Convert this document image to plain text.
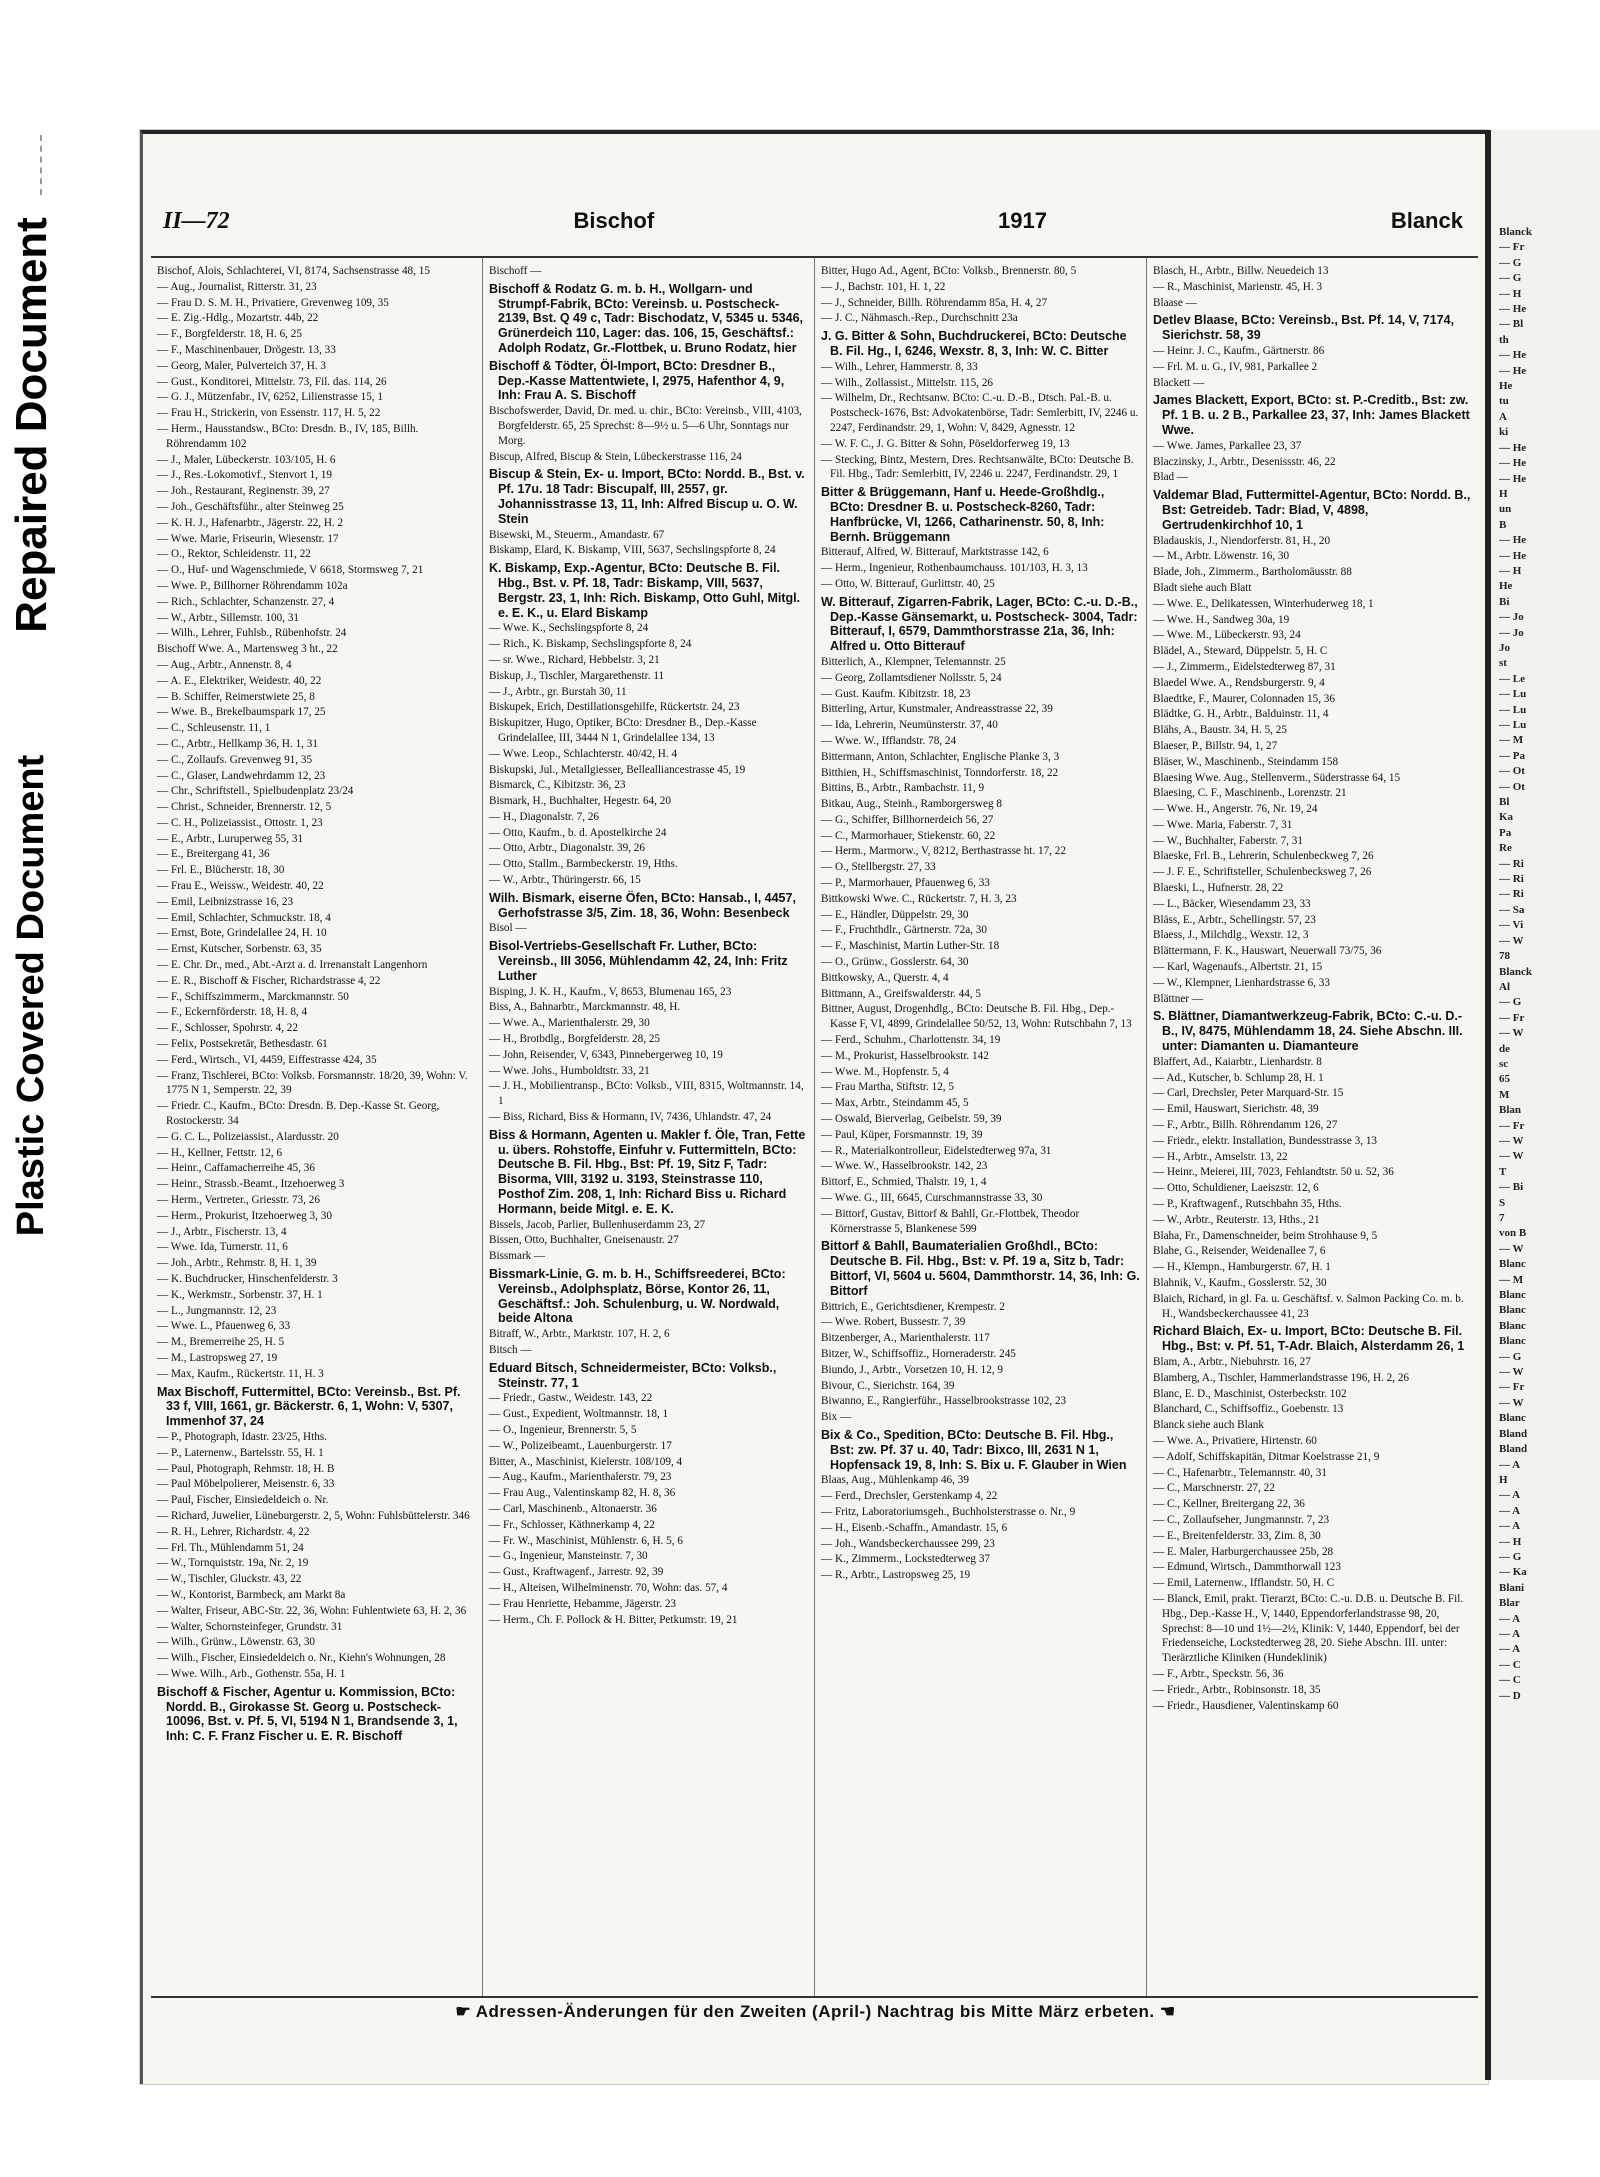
Repaired Document
Plastic Covered Document
II—72	Bischof	1917	Blanck
Bischof, Alois, Schlachterei, VI, 8174, Sachsenstrasse 48, 15
— Aug., Journalist, Ritterstr. 31, 23
— Frau D. S. M. H., Privatiere, Grevenweg 109, 35
— E. Zig.-Hdlg., Mozartstr. 44b, 22
— F., Borgfelderstr. 18, H. 6, 25
— F., Maschinenbauer, Drögestr. 13, 33
— Georg, Maler, Pulverteich 37, H. 3
— Gust., Konditorei, Mittelstr. 73, Fil. das. 114, 26
— G. J., Mützenfabr., IV, 6252, Lilienstrasse 15, 1
— Frau H., Strickerin, von Essenstr. 117, H. 5, 22
— Herm., Hausstandsw., BCto: Dresdn. B., IV, 185, Billh. Röhrendamm 102
— J., Maler, Lübeckerstr. 103/105, H. 6
— J., Res.-Lokomotivf., Stenvort 1, 19
— Joh., Restaurant, Reginenstr. 39, 27
— Joh., Geschäftsführ., alter Steinweg 25
— K. H. J., Hafenarbtr., Jägerstr. 22, H. 2
— Wwe. Marie, Friseurin, Wiesenstr. 17
— O., Rektor, Schleidenstr. 11, 22
— O., Huf- und Wagenschmiede, V 6618, Stormsweg 7, 21
— Wwe. P., Billhorner Röhrendamm 102a
— Rich., Schlachter, Schanzenstr. 27, 4
— W., Arbtr., Sillemstr. 100, 31
— Wilh., Lehrer, Fuhlsb., Rübenhofstr. 24
Bischoff Wwe. A., Martensweg 3 ht., 22
— Aug., Arbtr., Annenstr. 8, 4
— A. E., Elektriker, Weidestr. 40, 22
— B. Schiffer, Reimerstwiete 25, 8
— Wwe. B., Brekelbaumspark 17, 25
— C., Schleusenstr. 11, 1
— C., Arbtr., Hellkamp 36, H. 1, 31
— C., Zollaufs. Grevenweg 91, 35
— C., Glaser, Landwehrdamm 12, 23
— Chr., Schriftstell., Spielbudenplatz 23/24
— Christ., Schneider, Brennerstr. 12, 5
— C. H., Polizeiassist., Ottostr. 1, 23
— E., Arbtr., Luruperweg 55, 31
— E., Breitergang 41, 36
— Frl. E., Blücherstr. 18, 30
— Frau E., Weissw., Weidestr. 40, 22
— Emil, Leibnizstrasse 16, 23
— Emil, Schlachter, Schmuckstr. 18, 4
— Ernst, Bote, Grindelallee 24, H. 10
— Ernst, Kutscher, Sorbenstr. 63, 35
— E. Chr. Dr., med., Abt.-Arzt a. d. Irrenanstalt Langenhorn
— E. R., Bischoff & Fischer, Richardstrasse 4, 22
— F., Schiffszimmerm., Marckmannstr. 50
— F., Eckernförderstr. 18, H. 8, 4
— F., Schlosser, Spohrstr. 4, 22
— Felix, Postsekretär, Bethesdastr. 61
— Ferd., Wirtsch., VI, 4459, Eiffestrasse 424, 35
— Franz, Tischlerei, BCto: Volksb. Forsmannstr. 18/20, 39, Wohn: V. 1775 N 1, Semperstr. 22, 39
— Friedr. C., Kaufm., BCto: Dresdn. B. Dep.-Kasse St. Georg, Rostockerstr. 34
— G. C. L., Polizeiassist., Alardusstr. 20
— H., Kellner, Fettstr. 12, 6
— Heinr., Caffamacherreihe 45, 36
— Heinr., Strassb.-Beamt., Itzehoerweg 3
— Herm., Vertreter., Griesstr. 73, 26
— Herm., Prokurist, Itzehoerweg 3, 30
— J., Arbtr., Fischerstr. 13, 4
— Wwe. Ida, Turnerstr. 11, 6
— Joh., Arbtr., Rehmstr. 8, H. 1, 39
— K. Buchdrucker, Hinschenfelderstr. 3
— K., Werkmstr., Sorbenstr. 37, H. 1
— L., Jungmannstr. 12, 23
— Wwe. L., Pfauenweg 6, 33
— M., Bremerreihe 25, H. 5
— M., Lastropsweg 27, 19
— Max, Kaufm., Rückertstr. 11, H. 3
Max Bischoff, Futtermittel, BCto: Vereinsb., Bst. Pf. 33 f, VIII, 1661, gr. Bäckerstr. 6, 1, Wohn: V, 5307, Immenhof 37, 24
— P., Photograph, Idastr. 23/25, Hths.
— P., Laternenw., Bartelsstr. 55, H. 1
— Paul, Photograph, Rehmstr. 18, H. B
— Paul Möbelpolierer, Meisenstr. 6, 33
— Paul, Fischer, Einsiedeldeich o. Nr.
— Richard, Juwelier, Lüneburgerstr. 2, 5, Wohn: Fuhlsbüttelerstr. 346
— R. H., Lehrer, Richardstr. 4, 22
— Frl. Th., Mühlendamm 51, 24
— W., Tornquiststr. 19a, Nr. 2, 19
— W., Tischler, Gluckstr. 43, 22
— W., Kontorist, Barmbeck, am Markt 8a
— Walter, Friseur, ABC-Str. 22, 36, Wohn: Fuhlentwiete 63, H. 2, 36
— Walter, Schornsteinfeger, Grundstr. 31
— Wilh., Grünw., Löwenstr. 63, 30
— Wilh., Fischer, Einsiedeldeich o. Nr., Kiehn's Wohnungen, 28
— Wwe. Wilh., Arb., Gothenstr. 55a, H. 1
Bischoff & Fischer, Agentur u. Kommission, BCto: Nordd. B., Girokasse St. Georg u. Postscheck- 10096, Bst. v. Pf. 5, VI, 5194 N 1, Brandsende 3, 1, Inh: C. F. Franz Fischer u. E. R. Bischoff
Bischoff —
Bischoff & Rodatz G. m. b. H., Wollgarn- und Strumpf-Fabrik, BCto: Vereinsb. u. Postscheck- 2139, Bst. Q 49 c, Tadr: Bischodatz, V, 5345 u. 5346, Grünerdeich 110, Lager: das. 106, 15, Geschäftsf.: Adolph Rodatz, Gr.-Flottbek, u. Bruno Rodatz, hier
Bischoff & Tödter, Öl-Import, BCto: Dresdner B., Dep.-Kasse Mattentwiete, I, 2975, Hafenthor 4, 9, Inh: Frau A. S. Bischoff
Bischofswerder, David, Dr. med. u. chir., BCto: Vereinsb., VIII, 4103, Borgfelderstr. 65, 25 Sprechst: 8—9½ u. 5—6 Uhr, Sonntags nur Morg.
Biscup, Alfred, Biscup & Stein, Lübeckerstrasse 116, 24
Biscup & Stein, Ex- u. Import, BCto: Nordd. B., Bst. v. Pf. 17u. 18 Tadr: Biscupalf, III, 2557, gr. Johannisstrasse 13, 11, Inh: Alfred Biscup u. O. W. Stein
Bisewski, M., Steuerm., Amandastr. 67
Biskamp, Elard, K. Biskamp, VIII, 5637, Sechslingspforte 8, 24
K. Biskamp, Exp.-Agentur, BCto: Deutsche B. Fil. Hbg., Bst. v. Pf. 18, Tadr: Biskamp, VIII, 5637, Bergstr. 23, 1, Inh: Rich. Biskamp, Otto Guhl, Mitgl. e. E. K., u. Elard Biskamp
— Wwe. K., Sechslingspforte 8, 24
— Rich., K. Biskamp, Sechslingspforte 8, 24
— sr. Wwe., Richard, Hebbelstr. 3, 21
Biskup, J., Tischler, Margarethenstr. 11
— J., Arbtr., gr. Burstah 30, 11
Biskupek, Erich, Destillationsgehilfe, Rückertstr. 24, 23
Biskupitzer, Hugo, Optiker, BCto: Dresdner B., Dep.-Kasse Grindelallee, III, 3444 N 1, Grindelallee 134, 13
— Wwe. Leop., Schlachterstr. 40/42, H. 4
Biskupski, Jul., Metallgiesser, Bellealliancestrasse 45, 19
Bismarck, C., Kibitzstr. 36, 23
Bismark, H., Buchhalter, Hegestr. 64, 20
— H., Diagonalstr. 7, 26
— Otto, Kaufm., b. d. Apostelkirche 24
— Otto, Arbtr., Diagonalstr. 39, 26
— Otto, Stallm., Barmbeckerstr. 19, Hths.
— W., Arbtr., Thüringerstr. 66, 15
Wilh. Bismark, eiserne Öfen, BCto: Hansab., I, 4457, Gerhofstrasse 3/5, Zim. 18, 36, Wohn: Besenbeck
Bisol —
Bisol-Vertriebs-Gesellschaft Fr. Luther, BCto: Vereinsb., III 3056, Mühlendamm 42, 24, Inh: Fritz Luther
Bisping, J. K. H., Kaufm., V, 8653, Blumenau 165, 23
Biss, A., Bahnarbtr., Marckmannstr. 48, H.
— Wwe. A., Marienthalerstr. 29, 30
— H., Brotbdlg., Borgfelderstr. 28, 25
— John, Reisender, V, 6343, Pinnebergerweg 10, 19
— Wwe. Johs., Humboldtstr. 33, 21
— J. H., Mobilientransp., BCto: Volksb., VIII, 8315, Woltmannstr. 14, 1
— Biss, Richard, Biss & Hormann, IV, 7436, Uhlandstr. 47, 24
Biss & Hormann, Agenten u. Makler f. Öle, Tran, Fette u. übers. Rohstoffe, Einfuhr v. Futtermitteln, BCto: Deutsche B. Fil. Hbg., Bst: Pf. 19, Sitz F, Tadr: Bisorma, VIII, 3192 u. 3193, Steinstrasse 110, Posthof Zim. 208, 1, Inh: Richard Biss u. Richard Hormann, beide Mitgl. e. E. K.
Bissels, Jacob, Parlier, Bullenhuserdamm 23, 27
Bissen, Otto, Buchhalter, Gneisenaustr. 27
Bissmark —
Bissmark-Linie, G. m. b. H., Schiffsreederei, BCto: Vereinsb., Adolphsplatz, Börse, Kontor 26, 11, Geschäftsf.: Joh. Schulenburg, u. W. Nordwald, beide Altona
Bitraff, W., Arbtr., Marktstr. 107, H. 2, 6
Bitsch —
Eduard Bitsch, Schneidermeister, BCto: Volksb., Steinstr. 77, 1
— Friedr., Gastw., Weidestr. 143, 22
— Gust., Expedient, Woltmannstr. 18, 1
— O., Ingenieur, Brennerstr. 5, 5
— W., Polizeibeamt., Lauenburgerstr. 17
Bitter, A., Maschinist, Kielerstr. 108/109, 4
— Aug., Kaufm., Marienthalerstr. 79, 23
— Frau Aug., Valentinskamp 82, H. 8, 36
— Carl, Maschinenb., Altonaerstr. 36
— Fr., Schlosser, Käthnerkamp 4, 22
— Fr. W., Maschinist, Mühlenstr. 6, H. 5, 6
— G., Ingenieur, Mansteinstr. 7, 30
— Gust., Kraftwagenf., Jarrestr. 92, 39
— H., Alteisen, Wilhelminenstr. 70, Wohn: das. 57, 4
— Frau Henriette, Hebamme, Jägerstr. 23
— Herm., Ch. F. Pollock & H. Bitter, Petkumstr. 19, 21
Bitter, Hugo Ad., Agent, BCto: Volksb., Brennerstr. 80, 5
— J., Bachstr. 101, H. 1, 22
— J., Schneider, Billh. Röhrendamm 85a, H. 4, 27
— J. C., Nähmasch.-Rep., Durchschnitt 23a
J. G. Bitter & Sohn, Buchdruckerei, BCto: Deutsche B. Fil. Hg., I, 6246, Wexstr. 8, 3, Inh: W. C. Bitter
— Wilh., Lehrer, Hammerstr. 8, 33
— Wilh., Zollassist., Mittelstr. 115, 26
— Wilhelm, Dr., Rechtsanw. BCto: C.-u. D.-B., Dtsch. Pal.-B. u. Postscheck-1676, Bst: Advokatenbörse, Tadr: Semlerbitt, IV, 2246 u. 2247, Ferdinandstr. 29, 1, Wohn: V, 8429, Agnesstr. 12
— W. F. C., J. G. Bitter & Sohn, Pöseldorferweg 19, 13
— Stecking, Bintz, Mestern, Dres. Rechtsanwälte, BCto: Deutsche B. Fil. Hbg., Tadr: Semlerbitt, IV, 2246 u. 2247, Ferdinandstr. 29, 1
Bitter & Brüggemann, Hanf u. Heede-Großhdlg., BCto: Dresdner B. u. Postscheck-8260, Tadr: Hanfbrücke, VI, 1266, Catharinenstr. 50, 8, Inh: Bernh. Brüggemann
Bitterauf, Alfred, W. Bitterauf, Marktstrasse 142, 6
— Herm., Ingenieur, Rothenbaumchauss. 101/103, H. 3, 13
— Otto, W. Bitterauf, Gurlittstr. 40, 25
W. Bitterauf, Zigarren-Fabrik, Lager, BCto: C.-u. D.-B., Dep.-Kasse Gänsemarkt, u. Postscheck- 3004, Tadr: Bitterauf, I, 6579, Dammthorstrasse 21a, 36, Inh: Alfred u. Otto Bitterauf
Bitterlich, A., Klempner, Telemannstr. 25
— Georg, Zollamtsdiener Nollsstr. 5, 24
— Gust. Kaufm. Kibitzstr. 18, 23
Bitterling, Artur, Kunstmaler, Andreasstrasse 22, 39
— Ida, Lehrerin, Neumünsterstr. 37, 40
— Wwe. W., Ifflandstr. 78, 24
Bittermann, Anton, Schlachter, Englische Planke 3, 3
Bitthien, H., Schiffsmaschinist, Tonndorferstr. 18, 22
Bittins, B., Arbtr., Rambachstr. 11, 9
Bitkau, Aug., Steinh., Ramborgersweg 8
— G., Schiffer, Billhornerdeich 56, 27
— C., Marmorhauer, Stiekenstr. 60, 22
— Herm., Marmorw., V, 8212, Berthastrasse ht. 17, 22
— O., Stellbergstr. 27, 33
— P., Marmorhauer, Pfauenweg 6, 33
Bittkowski Wwe. C., Rückertstr. 7, H. 3, 23
— E., Händler, Düppelstr. 29, 30
— F., Fruchthdlr., Gärtnerstr. 72a, 30
— F., Maschinist, Martin Luther-Str. 18
— O., Grünw., Gosslerstr. 64, 30
Bittkowsky, A., Querstr. 4, 4
Bittmann, A., Greifswalderstr. 44, 5
Bittner, August, Drogenhdlg., BCto: Deutsche B. Fil. Hbg., Dep.-Kasse F, VI, 4899, Grindelallee 50/52, 13, Wohn: Rutschbahn 7, 13
— Ferd., Schuhm., Charlottenstr. 34, 19
— M., Prokurist, Hasselbrookstr. 142
— Wwe. M., Hopfenstr. 5, 4
— Frau Martha, Stiftstr. 12, 5
— Max, Arbtr., Steindamm 45, 5
— Oswald, Bierverlag, Geibelstr. 59, 39
— Paul, Küper, Forsmannstr. 19, 39
— R., Materialkontrolleur, Eidelstedterweg 97a, 31
— Wwe. W., Hasselbrookstr. 142, 23
Bittorf, E., Schmied, Thalstr. 19, 1, 4
— Wwe. G., III, 6645, Curschmannstrasse 33, 30
— Bittorf, Gustav, Bittorf & Bahll, Gr.-Flottbek, Theodor Körnerstrasse 5, Blankenese 599
Bittorf & Bahll, Baumaterialien Großhdl., BCto: Deutsche B. Fil. Hbg., Bst: v. Pf. 19 a, Sitz b, Tadr: Bittorf, VI, 5604 u. 5604, Dammthorstr. 14, 36, Inh: G. Bittorf
Bittrich, E., Gerichtsdiener, Krempestr. 2
— Wwe. Robert, Bussestr. 7, 39
Bitzenberger, A., Marienthalerstr. 117
Bitzer, W., Schiffsoffiz., Horneraderstr. 245
Biundo, J., Arbtr., Vorsetzen 10, H. 12, 9
Bivour, C., Sierichstr. 164, 39
Biwanno, E., Rangierführ., Hasselbrookstrasse 102, 23
Bix —
Bix & Co., Spedition, BCto: Deutsche B. Fil. Hbg., Bst: zw. Pf. 37 u. 40, Tadr: Bixco, III, 2631 N 1, Hopfensack 19, 8, Inh: S. Bix u. F. Glauber in Wien
Blaas, Aug., Mühlenkamp 46, 39
— Ferd., Drechsler, Gerstenkamp 4, 22
— Fritz, Laboratoriumsgeh., Buchholsterstrasse o. Nr., 9
— H., Eisenb.-Schaffn., Amandastr. 15, 6
— Joh., Wandsbeckerchaussee 299, 23
— K., Zimmerm., Lockstedterweg 37
— R., Arbtr., Lastropsweg 25, 19
Blasch, H., Arbtr., Billw. Neuedeich 13
— R., Maschinist, Marienstr. 45, H. 3
Blaase —
Detlev Blaase, BCto: Vereinsb., Bst. Pf. 14, V, 7174, Sierichstr. 58, 39
— Heinr. J. C., Kaufm., Gärtnerstr. 86
— Frl. M. u. G., IV, 981, Parkallee 2
Blackett —
James Blackett, Export, BCto: st. P.-Creditb., Bst: zw. Pf. 1 B. u. 2 B., Parkallee 23, 37, Inh: James Blackett Wwe.
— Wwe. James, Parkallee 23, 37
Blaczinsky, J., Arbtr., Desenissstr. 46, 22
Blad —
Valdemar Blad, Futtermittel-Agentur, BCto: Nordd. B., Bst: Getreideb. Tadr: Blad, V, 4898, Gertrudenkirchhof 10, 1
Bladauskis, J., Niendorferstr. 81, H., 20
— M., Arbtr. Löwenstr. 16, 30
Blade, Joh., Zimmerm., Bartholomäusstr. 88
Bladt siehe auch Blatt
— Wwe. E., Delikatessen, Winterhuderweg 18, 1
— Wwe. H., Sandweg 30a, 19
— Wwe. M., Lübeckerstr. 93, 24
Blädel, A., Steward, Düppelstr. 5, H. C
— J., Zimmerm., Eidelstedterweg 87, 31
Blaedel Wwe. A., Rendsburgerstr. 9, 4
Blaedtke, F., Maurer, Colonnaden 15, 36
Blädtke, G. H., Arbtr., Balduinstr. 11, 4
Blähs, A., Baustr. 34, H. 5, 25
Blaeser, P., Billstr. 94, 1, 27
Bläser, W., Maschinenb., Steindamm 158
Blaesing Wwe. Aug., Stellenverm., Süderstrasse 64, 15
Blaesing, C. F., Maschinenb., Lorenzstr. 21
— Wwe. H., Angerstr. 76, Nr. 19, 24
— Wwe. Maria, Faberstr. 7, 31
— W., Buchhalter, Faberstr. 7, 31
Blaeske, Frl. B., Lehrerin, Schulenbeckweg 7, 26
— J. F. E., Schriftsteller, Schulenbecksweg 7, 26
Blaeski, L., Hufnerstr. 28, 22
— L., Bäcker, Wiesendamm 23, 33
Bläss, E., Arbtr., Schellingstr. 57, 23
Blaess, J., Milchdlg., Wexstr. 12, 3
Blättermann, F. K., Hauswart, Neuerwall 73/75, 36
— Karl, Wagenaufs., Albertstr. 21, 15
— W., Klempner, Lienhardstrasse 6, 33
Blättner —
S. Blättner, Diamantwerkzeug-Fabrik, BCto: C.-u. D.-B., IV, 8475, Mühlendamm 18, 24. Siehe Abschn. III. unter: Diamanten u. Diamanteure
Blaffert, Ad., Kaiarbtr., Lienhardstr. 8
— Ad., Kutscher, b. Schlump 28, H. 1
— Carl, Drechsler, Peter Marquard-Str. 15
— Emil, Hauswart, Sierichstr. 48, 39
— F., Arbtr., Billh. Röhrendamm 126, 27
— Friedr., elektr. Installation, Bundesstrasse 3, 13
— H., Arbtr., Amselstr. 13, 22
— Heinr., Meierei, III, 7023, Fehlandtstr. 50 u. 52, 36
— Otto, Schuldiener, Laeiszstr. 12, 6
— P., Kraftwagenf., Rutschbahn 35, Hths.
— W., Arbtr., Reuterstr. 13, Hths., 21
Blaha, Fr., Damenschneider, beim Strohhause 9, 5
Blahe, G., Reisender, Weidenallee 7, 6
— H., Klempn., Hamburgerstr. 67, H. 1
Blahnik, V., Kaufm., Gosslerstr. 52, 30
Blaich, Richard, in gl. Fa. u. Geschäftsf. v. Salmon Packing Co. m. b. H., Wandsbeckerchaussee 41, 23
Richard Blaich, Ex- u. Import, BCto: Deutsche B. Fil. Hbg., Bst: v. Pf. 51, T-Adr. Blaich, Alsterdamm 26, 1
Blam, A., Arbtr., Niebuhrstr. 16, 27
Blamberg, A., Tischler, Hammerlandstrasse 196, H. 2, 26
Blanc, E. D., Maschinist, Osterbeckstr. 102
Blanchard, C., Schiffsoffiz., Goebenstr. 13
Blanck siehe auch Blank
— Wwe. A., Privatiere, Hirtenstr. 60
— Adolf, Schiffskapitän, Ditmar Koelstrasse 21, 9
— C., Hafenarbtr., Telemannstr. 40, 31
— C., Marschnerstr. 27, 22
— C., Kellner, Breitergang 22, 36
— C., Zollaufseher, Jungmannstr. 7, 23
— E., Breitenfelderstr. 33, Zim. 8, 30
— E. Maler, Harburgerchaussee 25b, 28
— Edmund, Wirtsch., Dammthorwall 123
— Emil, Laternenw., Ifflandstr. 50, H. C
— Blanck, Emil, prakt. Tierarzt, BCto: C.-u. D.B. u. Deutsche B. Fil. Hbg., Dep.-Kasse H., V, 1440, Eppendorferlandstrasse 98, 20, Sprechst: 8—10 und 1½—2½, Klinik: V, 1440, Eppendorf, bei der Friedenseiche, Lockstedterweg 28, 20. Siehe Abschn. III. unter: Tierärztliche Kliniken (Hundeklinik)
— F., Arbtr., Speckstr. 56, 36
— Friedr., Arbtr., Robinsonstr. 18, 35
— Friedr., Hausdiener, Valentinskamp 60
☛ Adressen-Änderungen für den Zweiten (April-) Nachtrag bis Mitte März erbeten. ☚
Blanck
— Fr
— G
— G
— H
— He
— Bl
th
— He
— He
He
tu
A
ki
— He
— He
— He
H
un
B
— He
— He
— H
He
Bi
— Jo
— Jo
Jo
st
— Le
— Lu
— Lu
— Lu
— M
— Pa
— Ot
— Ot
Bl
Ka
Pa
Re
— Ri
— Ri
— Ri
— Sa
— Vi
— W
78
Blanck
Al
— G
— Fr
— W
de
sc
65
M
Blan
— Fr
— W
— W
T
— Bi
S
7
von B
— W
Blanc
— M
Blanc
Blanc
Blanc
Blanc
— G
— W
— Fr
— W
Blanc
Bland
Bland
— A
H
— A
— A
— A
— H
— G
— Ka
Blani
Blar
— A
— A
— A
— C
— C
— D
